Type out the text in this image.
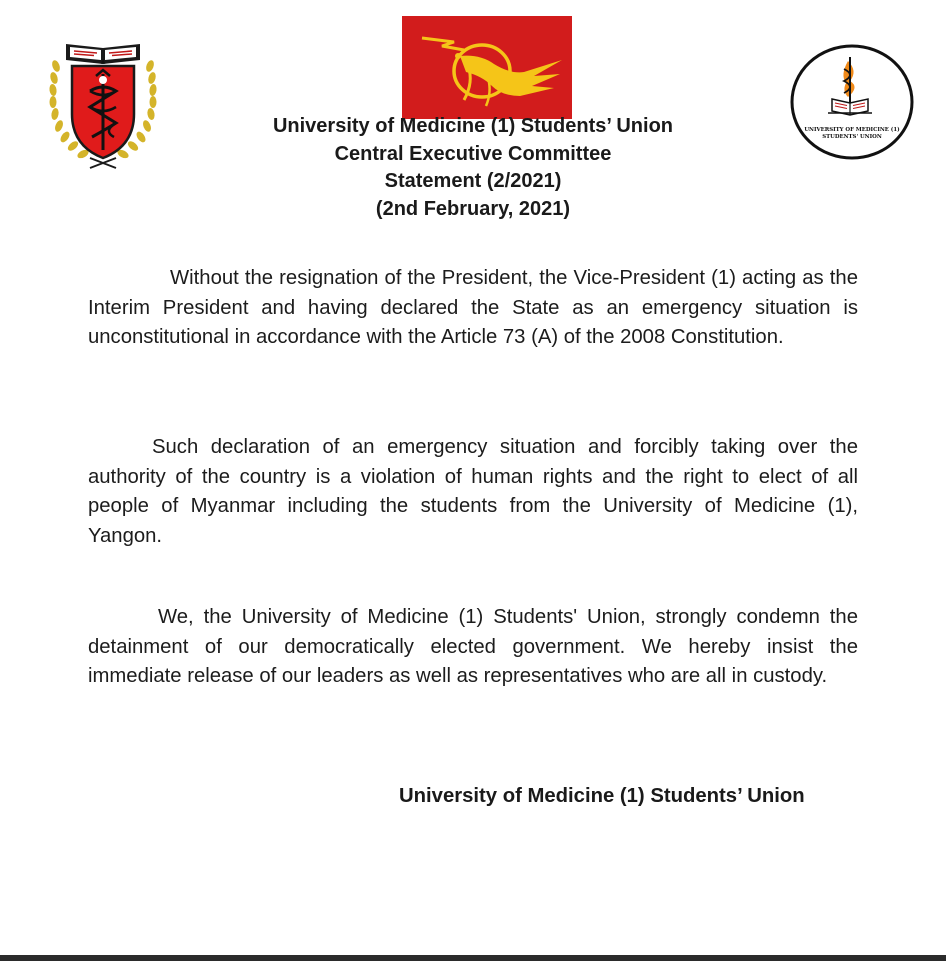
▲
UNIVERSITY OF MEDICINE (1)
STUDENTS' UNION
University of Medicine (1) Students’ Union
Central Executive Committee
Statement (2/2021)
(2nd February, 2021)

Without the resignation of the President, the Vice-President (1) acting as the Interim President and having declared the State as an emergency situation is unconstitutional in accordance with the Article 73 (A) of the 2008 Constitution.

Such declaration of an emergency situation and forcibly taking over the authority of the country is a violation of human rights and the right to elect of all people of Myanmar including the students from the University of Medicine (1), Yangon.

We, the University of Medicine (1) Students' Union, strongly condemn the detainment of our democratically elected government. We hereby insist the immediate release of our leaders as well as representatives who are all in custody.

University of Medicine (1) Students’ Union
